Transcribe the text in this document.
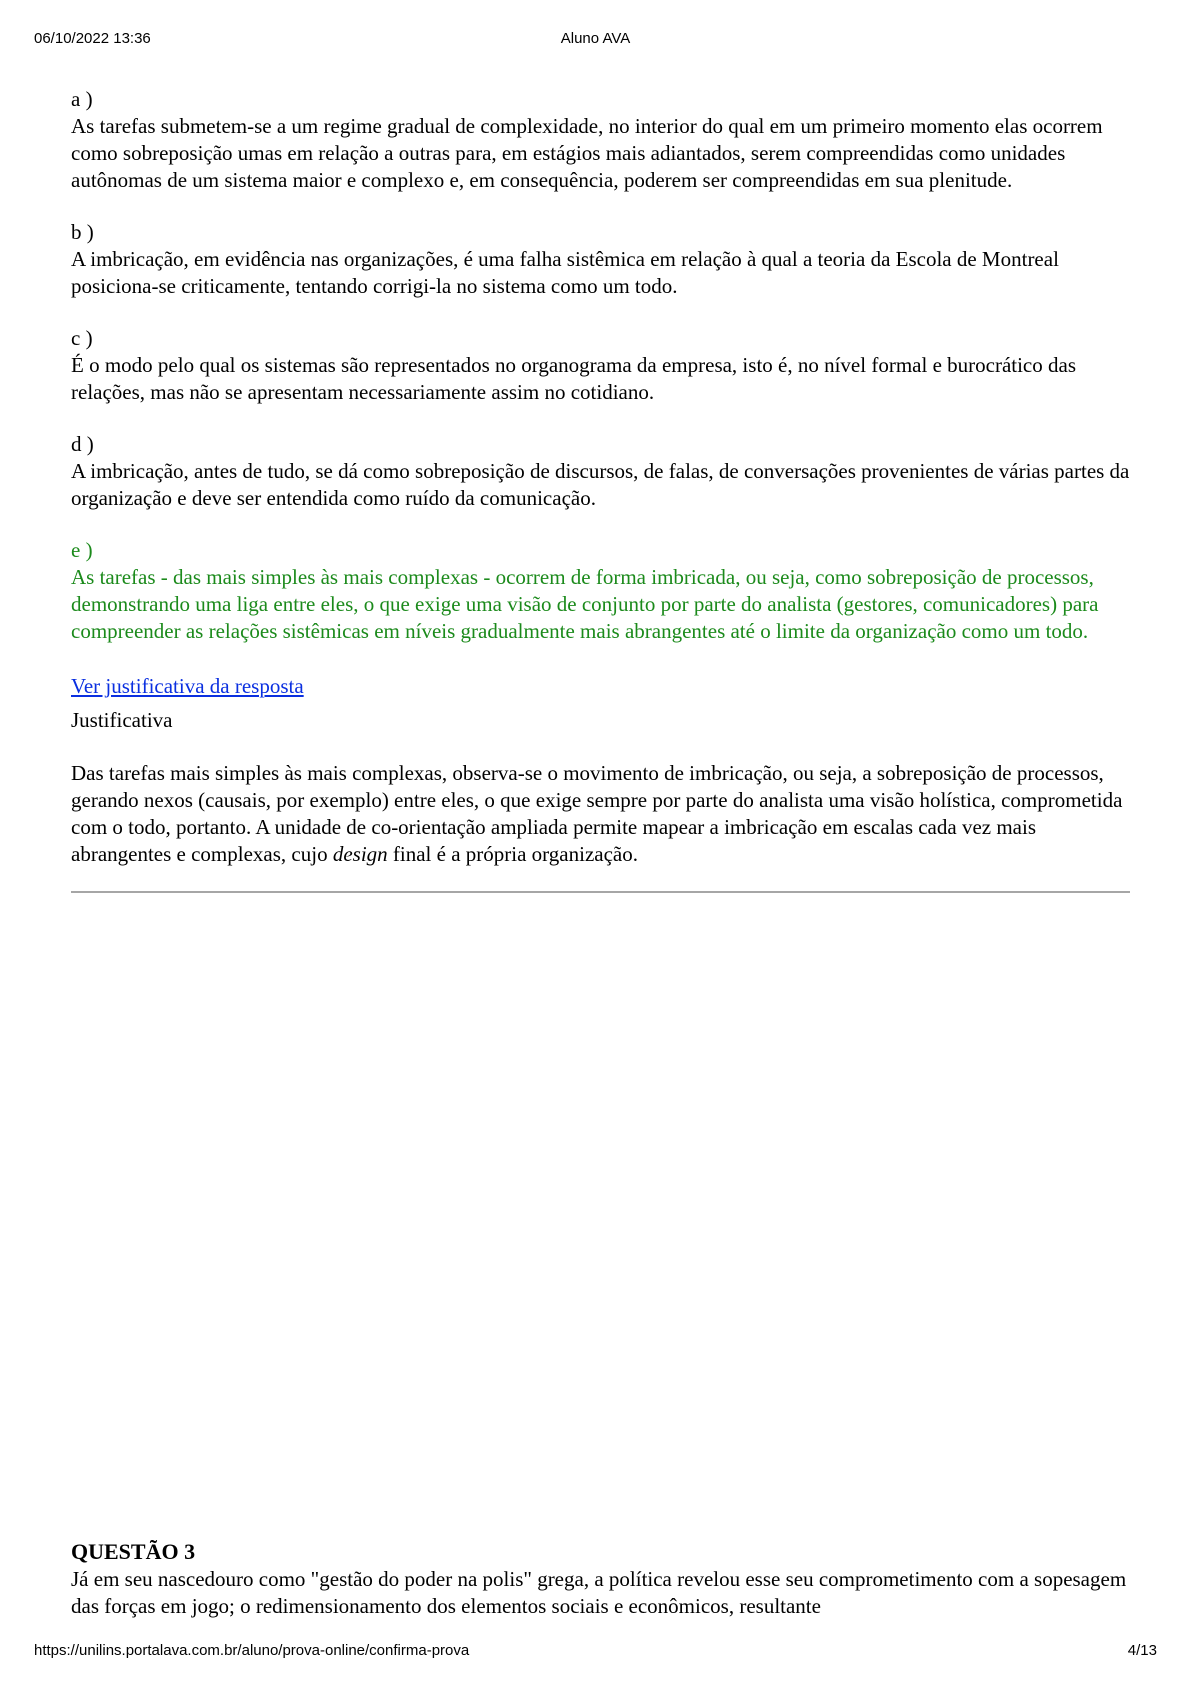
06/10/2022 13:36	Aluno AVA
a )
As tarefas submetem-se a um regime gradual de complexidade, no interior do qual em um primeiro momento elas ocorrem como sobreposição umas em relação a outras para, em estágios mais adiantados, serem compreendidas como unidades autônomas de um sistema maior e complexo e, em consequência, poderem ser compreendidas em sua plenitude.
b )
A imbricação, em evidência nas organizações, é uma falha sistêmica em relação à qual a teoria da Escola de Montreal posiciona-se criticamente, tentando corrigi-la no sistema como um todo.
c )
É o modo pelo qual os sistemas são representados no organograma da empresa, isto é, no nível formal e burocrático das relações, mas não se apresentam necessariamente assim no cotidiano.
d )
A imbricação, antes de tudo, se dá como sobreposição de discursos, de falas, de conversações provenientes de várias partes da organização e deve ser entendida como ruído da comunicação.
e )
As tarefas - das mais simples às mais complexas - ocorrem de forma imbricada, ou seja, como sobreposição de processos, demonstrando uma liga entre eles, o que exige uma visão de conjunto por parte do analista (gestores, comunicadores) para compreender as relações sistêmicas em níveis gradualmente mais abrangentes até o limite da organização como um todo.
Ver justificativa da resposta
Justificativa
Das tarefas mais simples às mais complexas, observa-se o movimento de imbricação, ou seja, a sobreposição de processos, gerando nexos (causais, por exemplo) entre eles, o que exige sempre por parte do analista uma visão holística, comprometida com o todo, portanto. A unidade de co-orientação ampliada permite mapear a imbricação em escalas cada vez mais abrangentes e complexas, cujo design final é a própria organização.
QUESTÃO 3
Já em seu nascedouro como "gestão do poder na polis" grega, a política revelou esse seu comprometimento com a sopesagem das forças em jogo; o redimensionamento dos elementos sociais e econômicos, resultante
https://unilins.portalava.com.br/aluno/prova-online/confirma-prova	4/13
